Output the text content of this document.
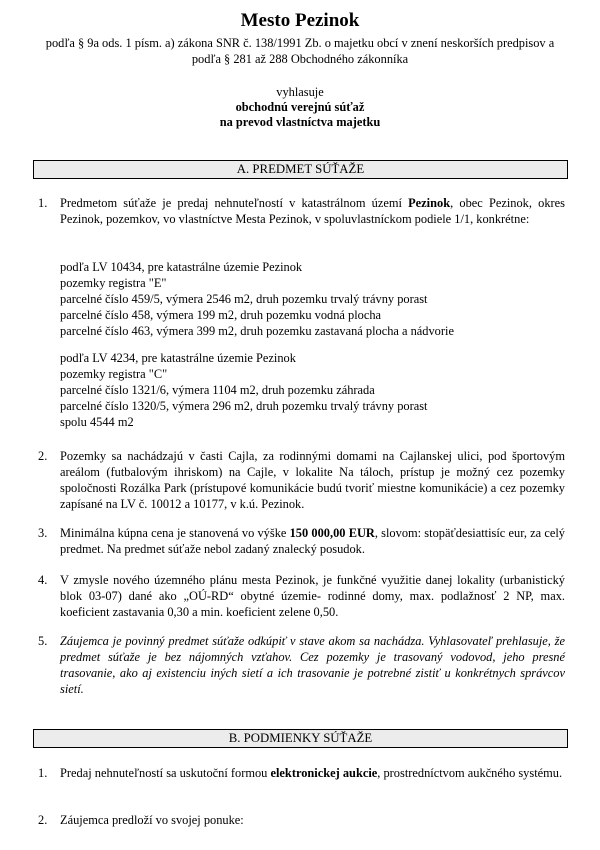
Mesto Pezinok
podľa § 9a ods. 1 písm. a) zákona SNR č. 138/1991 Zb. o majetku obcí v znení neskorších predpisov a podľa § 281 až 288 Obchodného zákonníka
vyhlasuje
obchodnú verejnú súťaž
na prevod vlastníctva majetku
A. PREDMET SÚŤAŽE
1.	Predmetom súťaže je predaj nehnuteľností v katastrálnom území Pezinok, obec Pezinok, okres Pezinok, pozemkov, vo vlastníctve Mesta Pezinok, v spoluvlastníckom podiele 1/1, konkrétne:
podľa LV 10434, pre katastrálne územie Pezinok
pozemky registra "E"
parcelné číslo 459/5, výmera 2546 m2, druh pozemku trvalý trávny porast
parcelné číslo 458, výmera 199 m2, druh pozemku vodná plocha
parcelné číslo 463, výmera 399 m2, druh pozemku zastavaná plocha a nádvorie
podľa LV 4234, pre katastrálne územie Pezinok
pozemky registra "C"
parcelné číslo 1321/6, výmera 1104 m2, druh pozemku záhrada
parcelné číslo 1320/5, výmera 296 m2, druh pozemku trvalý trávny porast
spolu 4544 m2
2.	Pozemky sa nachádzajú v časti Cajla, za rodinnými domami na Cajlanskej ulici, pod športovým areálom (futbalovým ihriskom) na Cajle, v lokalite Na táloch, prístup je možný cez pozemky spoločnosti Rozálka Park (prístupové komunikácie budú tvoriť miestne komunikácie) a cez pozemky zapísané na LV č. 10012 a 10177, v k.ú. Pezinok.
3.	Minimálna kúpna cena je stanovená vo výške 150 000,00 EUR, slovom: stopäťdesiattisíc eur, za celý predmet. Na predmet súťaže nebol zadaný znalecký posudok.
4.	V zmysle nového územného plánu mesta Pezinok, je funkčné využitie danej lokality (urbanistický blok 03-07) dané ako „OÚ-RD“ obytné územie- rodinné domy, max. podlažnosť 2 NP, max. koeficient zastavania 0,30 a min. koeficient zelene 0,50.
5.	Záujemca je povinný predmet súťaže odkúpiť v stave akom sa nachádza. Vyhlasovateľ prehlasuje, že predmet súťaže je bez nájomných vzťahov. Cez pozemky je trasovaný vodovod, jeho presné trasovanie, ako aj existenciu iných sietí a ich trasovanie je potrebné zistiť u konkrétnych správcov sietí.
B. PODMIENKY SÚŤAŽE
1.	Predaj nehnuteľností sa uskutoční formou elektronickej aukcie, prostredníctvom aukčného systému.
2.	Záujemca predloží vo svojej ponuke:
